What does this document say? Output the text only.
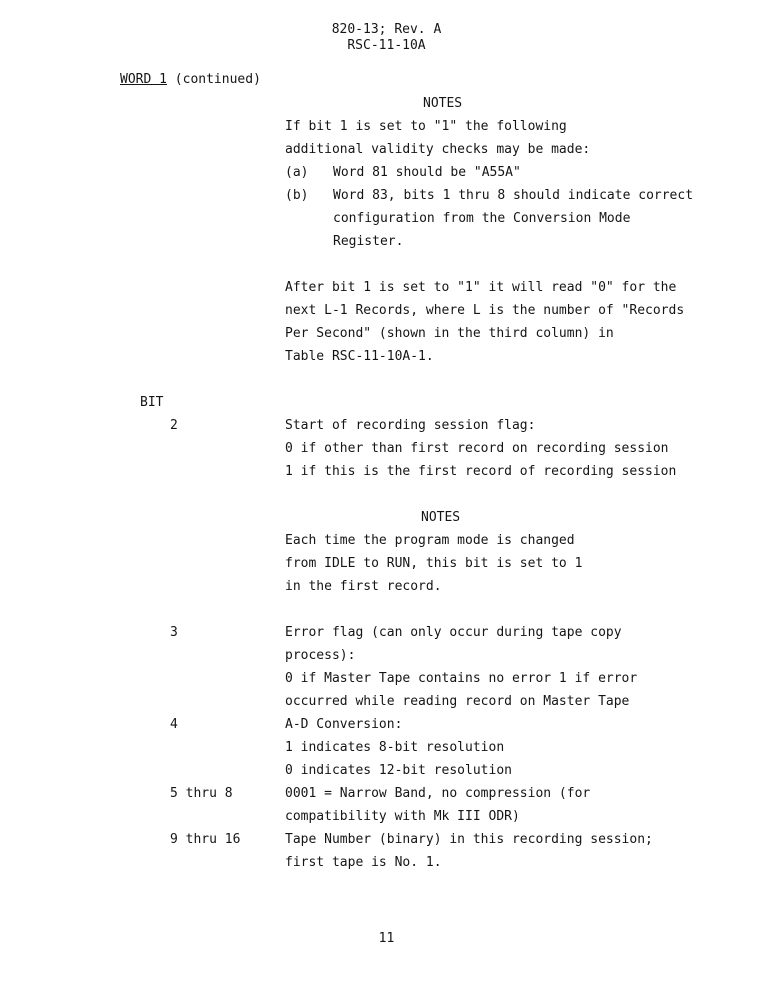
820-13; Rev. A
RSC-11-10A
WORD 1 (continued)
NOTES
If bit 1 is set to "1" the following
additional validity checks may be made:
(a) Word 81 should be "A55A"
(b) Word 83, bits 1 thru 8 should indicate correct
configuration from the Conversion Mode
Register.
After bit 1 is set to "1" it will read "0" for the
next L-1 Records, where L is the number of "Records
Per Second" (shown in the third column) in
Table RSC-11-10A-1.
BIT
2	Start of recording session flag:
0 if other than first record on recording session
1 if this is the first record of recording session
NOTES
Each time the program mode is changed
from IDLE to RUN, this bit is set to 1
in the first record.
3	Error flag (can only occur during tape copy
process):
0 if Master Tape contains no error 1 if error
occurred while reading record on Master Tape
4	A-D Conversion:
1 indicates 8-bit resolution
0 indicates 12-bit resolution
5 thru 8	0001 = Narrow Band, no compression (for
compatibility with Mk III ODR)
9 thru 16	Tape Number (binary) in this recording session;
first tape is No. 1.
11
